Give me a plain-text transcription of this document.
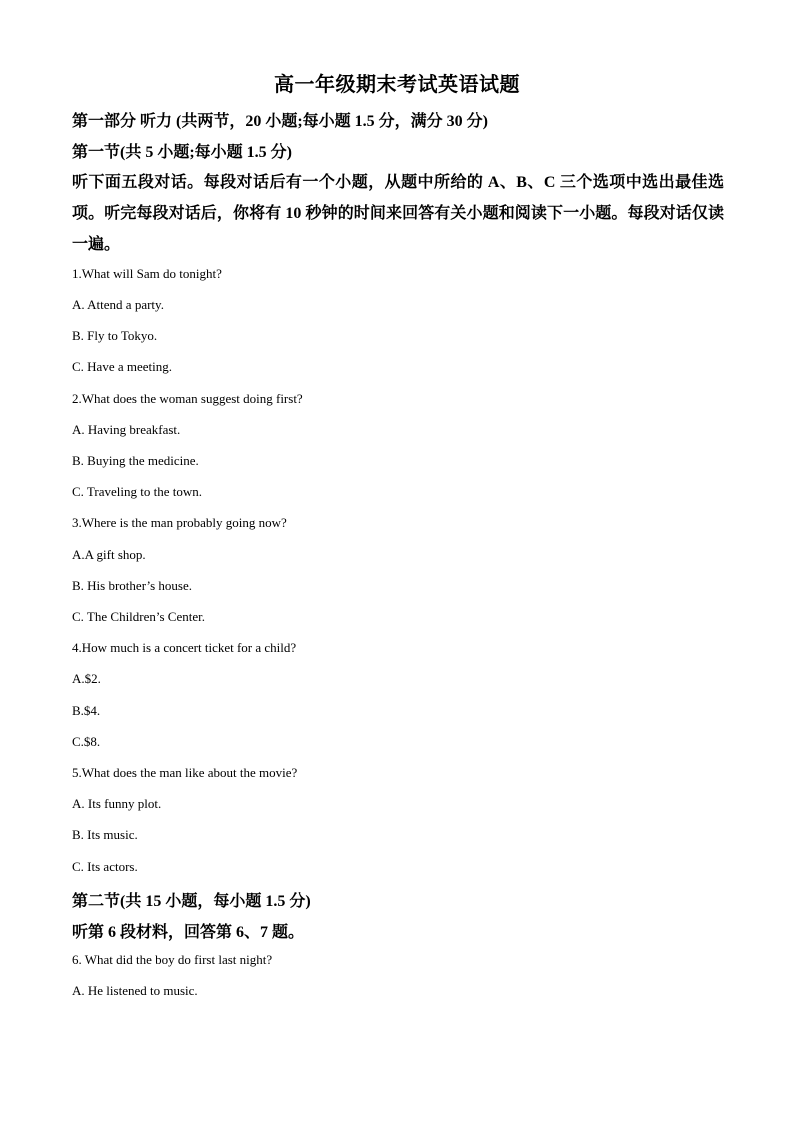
高一年级期末考试英语试题
第一部分 听力 (共两节，20 小题;每小题 1.5 分，满分 30 分)
第一节(共 5 小题;每小题 1.5 分)
听下面五段对话。每段对话后有一个小题，从题中所给的 A、B、C 三个选项中选出最佳选项。听完每段对话后，你将有 10 秒钟的时间来回答有关小题和阅读下一小题。每段对话仅读一遍。
1.What will Sam do tonight?
A. Attend a party.
B. Fly to Tokyo.
C. Have a meeting.
2.What does the woman suggest doing first?
A. Having breakfast.
B. Buying the medicine.
C. Traveling to the town.
3.Where is the man probably going now?
A.A gift shop.
B. His brother’s house.
C. The Children’s Center.
4.How much is a concert ticket for a child?
A.$2.
B.$4.
C.$8.
5.What does the man like about the movie?
A. Its funny plot.
B. Its music.
C. Its actors.
第二节(共 15 小题，每小题 1.5 分)
听第 6 段材料，回答第 6、7 题。
6. What did the boy do first last night?
A. He listened to music.
